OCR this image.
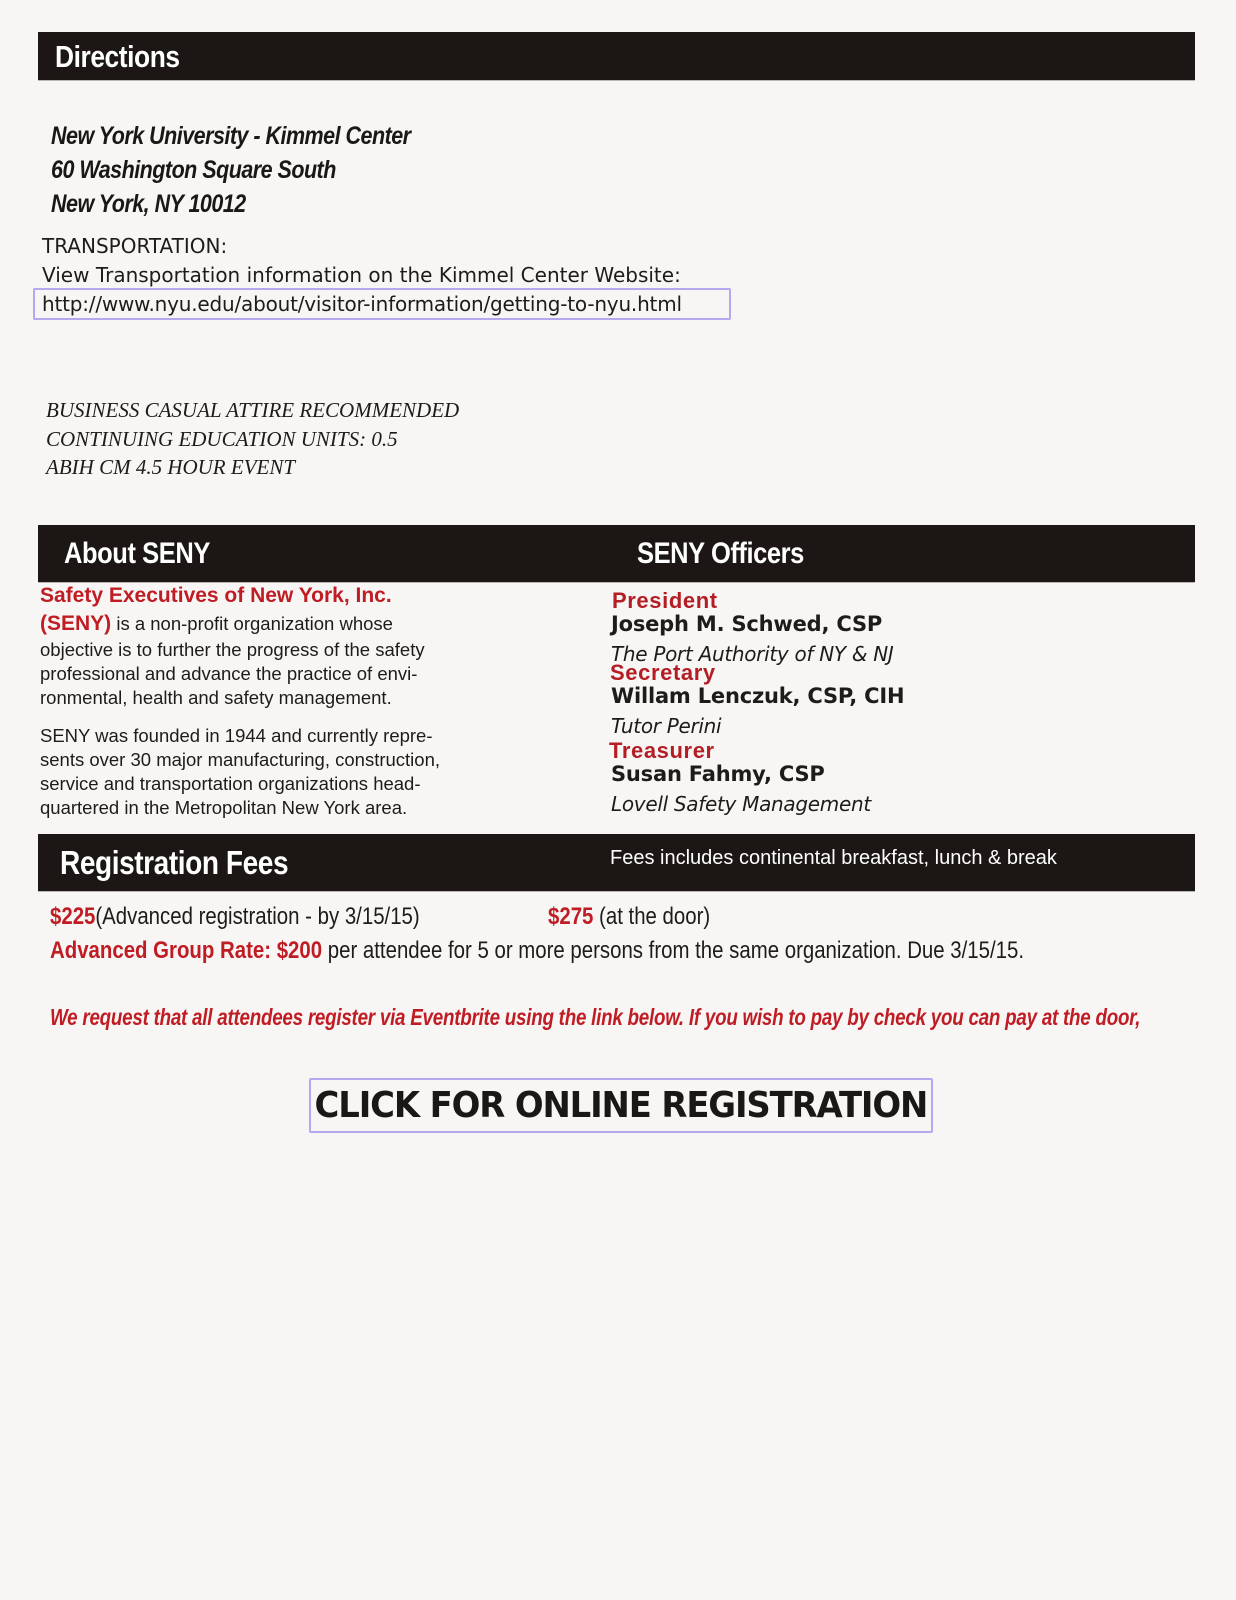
Directions
New York University - Kimmel Center
60 Washington Square South
New York, NY 10012
TRANSPORTATION:
View Transportation information on the Kimmel Center Website:
http://www.nyu.edu/about/visitor-information/getting-to-nyu.html
BUSINESS CASUAL ATTIRE RECOMMENDED
CONTINUING EDUCATION UNITS: 0.5
ABIH CM 4.5 HOUR EVENT
About SENY	SENY Officers
Safety Executives of New York, Inc.
(SENY) is a non-profit organization whose
objective is to further the progress of the safety
professional and advance the practice of envi-
ronmental, health and safety management.
SENY was founded in 1944 and currently repre-
sents over 30 major manufacturing, construction,
service and transportation organizations head-
quartered in the Metropolitan New York area.
President
Joseph M. Schwed, CSP
The Port Authority of NY & NJ
Secretary
Willam Lenczuk, CSP, CIH
Tutor Perini
Treasurer
Susan Fahmy, CSP
Lovell Safety Management
Registration Fees	Fees includes continental breakfast, lunch & break
$225(Advanced registration - by 3/15/15)	$275 (at the door)
Advanced Group Rate: $200 per attendee for 5 or more persons from the same organization. Due 3/15/15.
We request that all attendees register via Eventbrite using the link below. If you wish to pay by check you can pay at the door,
CLICK FOR ONLINE REGISTRATION
